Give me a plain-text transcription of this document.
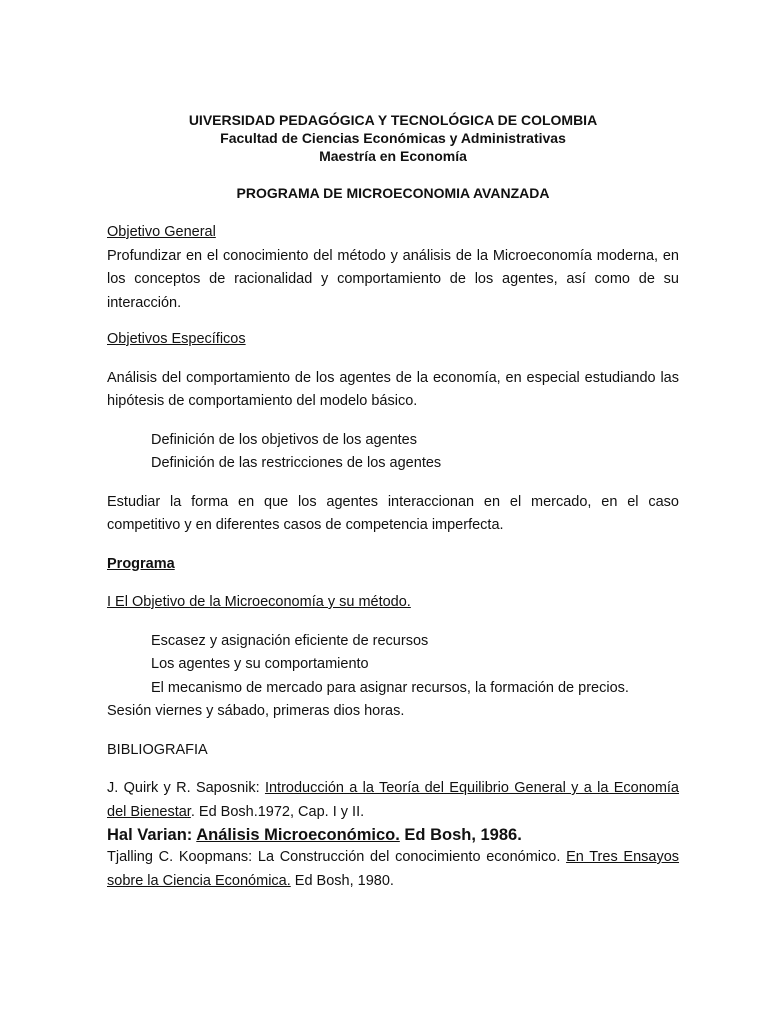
UIVERSIDAD PEDAGÓGICA Y TECNOLÓGICA DE COLOMBIA

Facultad de Ciencias Económicas y Administrativas

Maestría en Economía

PROGRAMA DE MICROECONOMIA AVANZADA

Objetivo General

Profundizar en el conocimiento del método y análisis de la Microeconomía moderna, en los conceptos de racionalidad y comportamiento de los agentes, así como de su interacción.

Objetivos Específicos

Análisis del comportamiento de los agentes de la economía, en especial estudiando las hipótesis de comportamiento del modelo básico.

Definición de los objetivos de los agentes

Definición de las restricciones de los agentes

Estudiar la forma en que los agentes interaccionan en el mercado, en el caso competitivo y en diferentes casos de competencia imperfecta.

Programa

I El Objetivo de la Microeconomía y su método.

Escasez y asignación eficiente de recursos

Los agentes y su comportamiento

El mecanismo de mercado para asignar recursos, la formación de precios.

Sesión viernes y sábado, primeras dios horas.

BIBLIOGRAFIA

J. Quirk y R. Saposnik: Introducción a la Teoría del Equilibrio General y a la Economía del Bienestar. Ed Bosh.1972, Cap. I y II.

Hal Varian: Análisis Microeconómico. Ed Bosh, 1986.

Tjalling C. Koopmans: La Construcción del conocimiento económico. En Tres Ensayos sobre la Ciencia Económica. Ed Bosh, 1980.
